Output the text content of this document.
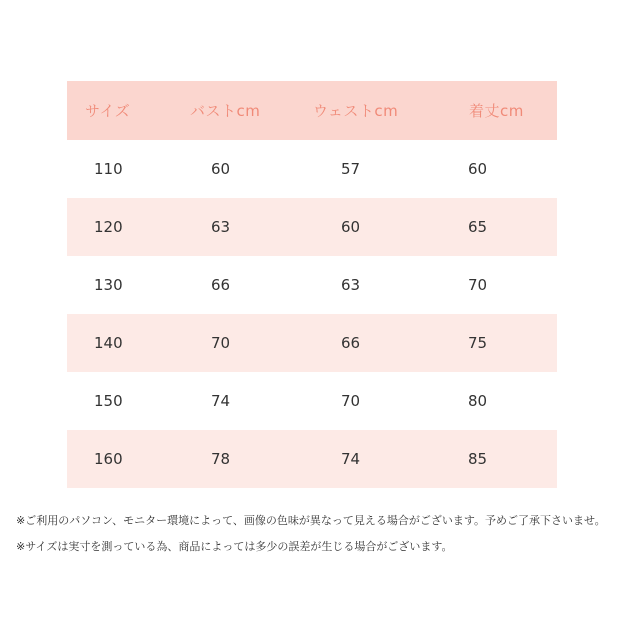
サイズ	バストcm	ウェストcm	着丈cm
110	60	57	60
120	63	60	65
130	66	63	70
140	70	66	75
150	74	70	80
160	78	74	85
※ご利用のパソコン、モニター環境によって、画像の色味が異なって見える場合がございます。予めご了承下さいませ。
※サイズは実寸を測っている為、商品によっては多少の誤差が生じる場合がございます。
